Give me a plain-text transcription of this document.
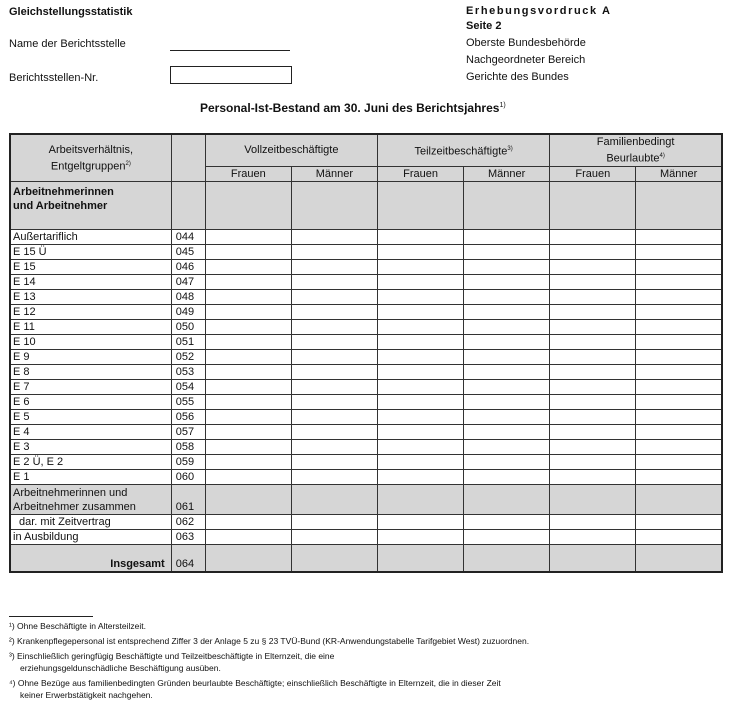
Gleichstellungsstatistik
Name der Berichtsstelle
Berichtsstellen-Nr.
Erhebungsvordruck A
Seite 2
Oberste Bundesbehörde
Nachgeordneter Bereich
Gerichte des Bundes
Personal-Ist-Bestand am 30. Juni des Berichtsjahres$^{1)}$
Arbeitsverhältnis,
Entgeltgruppen$^{2)}$		Vollzeitbeschäftigte		Teilzeitbeschäftigte$^{3)}$		Familienbedingt
Beurlaubte$^{4)}$
		Frauen	Männer	Frauen	Männer	Frauen	Männer
Arbeitnehmerinnen
und Arbeitnehmer							
Außertariflich	044						
E 15 Ü	045						
E 15	046						
E 14	047						
E 13	048						
E 12	049						
E 11	050						
E 10	051						
E 9	052						
E 8	053						
E 7	054						
E 6	055						
E 5	056						
E 4	057						
E 3	058						
E 2 Ü, E 2	059						
E 1	060						
Arbeitnehmerinnen und
Arbeitnehmer zusammen	061						
dar. mit Zeitvertrag	062						
in Ausbildung	063						
Insgesamt	064						
¹) Ohne Beschäftigte in Altersteilzeit.
²) Krankenpflegepersonal ist entsprechend Ziffer 3 der Anlage 5 zu § 23 TVÜ-Bund (KR-Anwendungstabelle Tarifgebiet West) zuzuordnen.
³) Einschließlich geringfügig Beschäftigte und Teilzeitbeschäftigte in Elternzeit, die eine
erziehungsgeldunschädliche Beschäftigung ausüben.
⁴) Ohne Bezüge aus familienbedingten Gründen beurlaubte Beschäftigte; einschließlich Beschäftigte in Elternzeit, die in dieser Zeit
keiner Erwerbstätigkeit nachgehen.
